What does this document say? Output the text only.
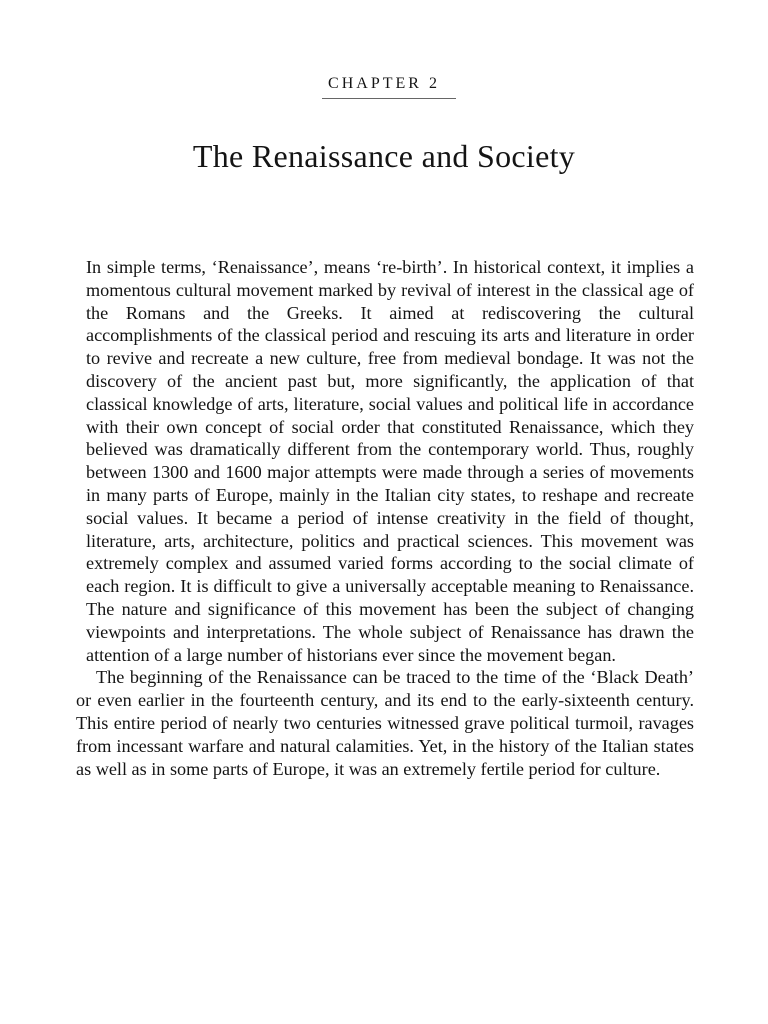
CHAPTER 2
The Renaissance and Society

In simple terms, ‘Renaissance’, means ‘re-birth’. In historical context, it implies a momentous cultural movement marked by revival of interest in the classical age of the Romans and the Greeks. It aimed at rediscovering the cultural accomplishments of the classical period and rescuing its arts and literature in order to revive and recreate a new culture, free from medieval bondage. It was not the discovery of the ancient past but, more significantly, the application of that classical knowledge of arts, literature, social values and political life in accordance with their own concept of social order that constituted Renaissance, which they believed was dramatically different from the contemporary world. Thus, roughly between 1300 and 1600 major attempts were made through a series of movements in many parts of Europe, mainly in the Italian city states, to reshape and recreate social values. It became a period of intense creativity in the field of thought, literature, arts, architecture, politics and practical sciences. This movement was extremely complex and assumed varied forms according to the social climate of each region. It is difficult to give a universally acceptable meaning to Renaissance. The nature and significance of this movement has been the subject of changing viewpoints and interpretations. The whole subject of Renaissance has drawn the attention of a large number of historians ever since the movement began.

The beginning of the Renaissance can be traced to the time of the ‘Black Death’ or even earlier in the fourteenth century, and its end to the early-sixteenth century. This entire period of nearly two centuries witnessed grave political turmoil, ravages from incessant warfare and natural calamities. Yet, in the history of the Italian states as well as in some parts of Europe, it was an extremely fertile period for culture.
